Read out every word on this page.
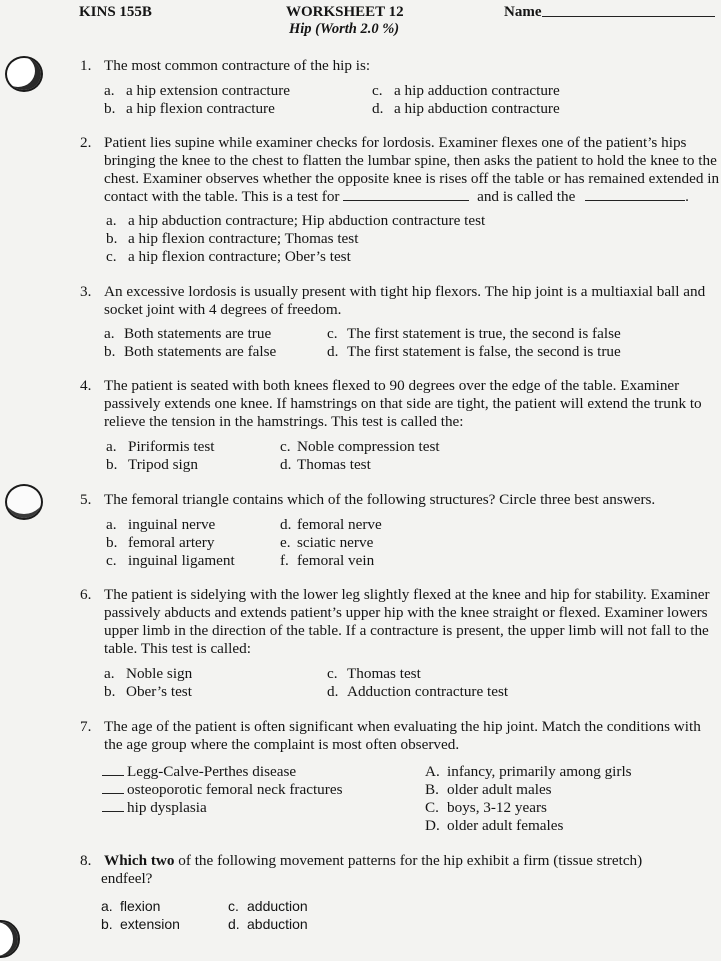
KINS 155B	WORKSHEET 12
Hip (Worth 2.0 %)
Name
1. The most common contracture of the hip is:
a. a hip extension contracture
b. a hip flexion contracture
c. a hip adduction contracture
d. a hip abduction contracture
2. Patient lies supine while examiner checks for lordosis. Examiner flexes one of the patient’s hips
bringing the knee to the chest to flatten the lumbar spine, then asks the patient to hold the knee to the
chest. Examiner observes whether the opposite knee is rises off the table or has remained extended in
contact with the table. This is a test for	and is called the	.
a. a hip abduction contracture; Hip abduction contracture test
b. a hip flexion contracture; Thomas test
c. a hip flexion contracture; Ober’s test
3. An excessive lordosis is usually present with tight hip flexors. The hip joint is a multiaxial ball and
socket joint with 4 degrees of freedom.
a. Both statements are true
b. Both statements are false
c. The first statement is true, the second is false
d. The first statement is false, the second is true
4. The patient is seated with both knees flexed to 90 degrees over the edge of the table. Examiner
passively extends one knee. If hamstrings on that side are tight, the patient will extend the trunk to
relieve the tension in the hamstrings. This test is called the:
a. Piriformis test
b. Tripod sign
c. Noble compression test
d. Thomas test
5. The femoral triangle contains which of the following structures? Circle three best answers.
a. inguinal nerve
b. femoral artery
c. inguinal ligament
d. femoral nerve
e. sciatic nerve
f. femoral vein
6. The patient is sidelying with the lower leg slightly flexed at the knee and hip for stability. Examiner
passively abducts and extends patient’s upper hip with the knee straight or flexed. Examiner lowers
upper limb in the direction of the table. If a contracture is present, the upper limb will not fall to the
table. This test is called:
a. Noble sign
b. Ober’s test
c. Thomas test
d. Adduction contracture test
7. The age of the patient is often significant when evaluating the hip joint. Match the conditions with
the age group where the complaint is most often observed.
Legg-Calve-Perthes disease
osteoporotic femoral neck fractures
hip dysplasia
A. infancy, primarily among girls
B. older adult males
C. boys, 3-12 years
D. older adult females
8. Which two of the following movement patterns for the hip exhibit a firm (tissue stretch)
endfeel?
a. flexion
b. extension
c. adduction
d. abduction
